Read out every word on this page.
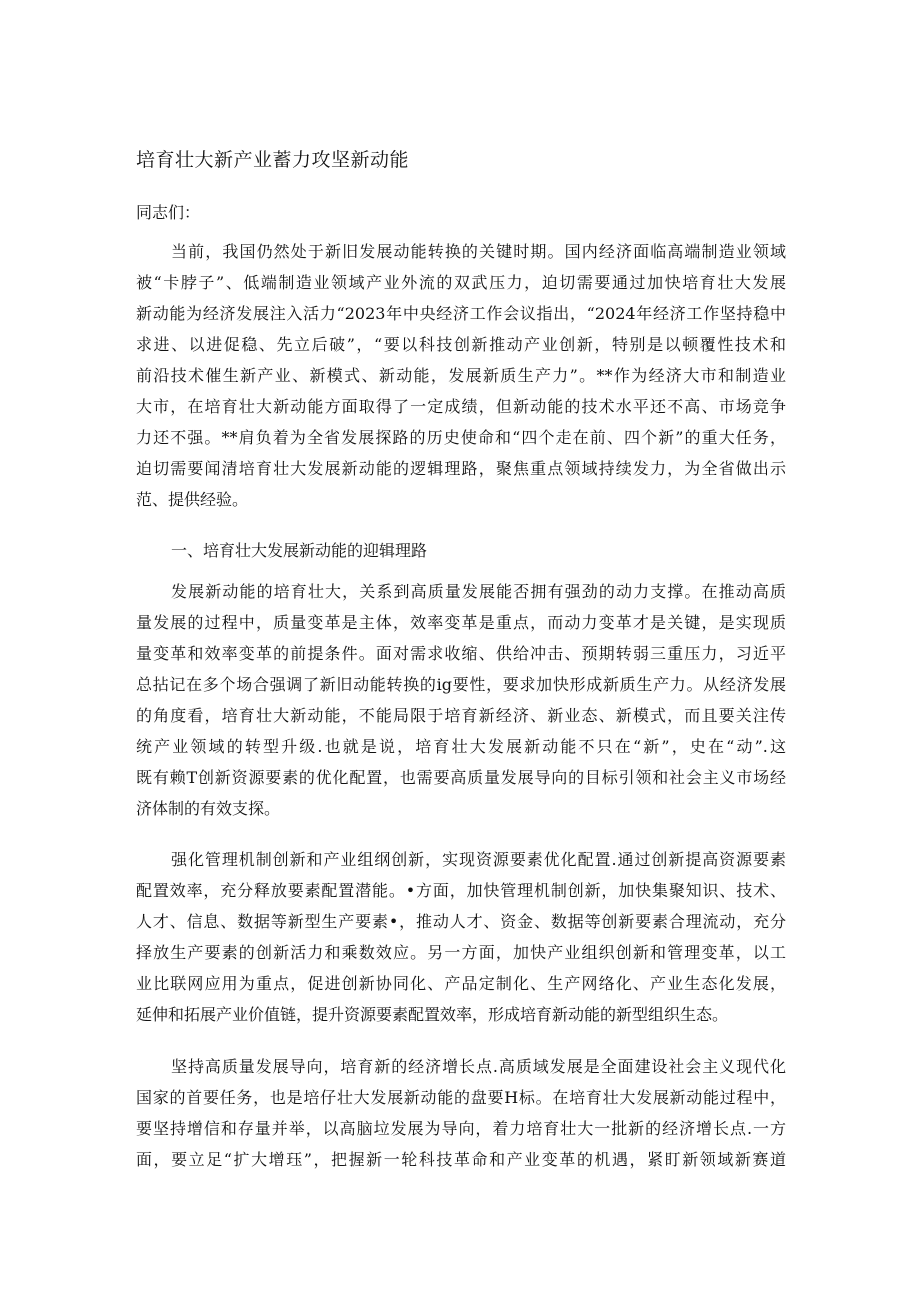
培育壮大新产业蓄力攻坚新动能
同志们：
当前，我国仍然处于新旧发展动能转换的关键时期。国内经济面临高端制造业领域
被“卡脖子”、低端制造业领域产业外流的双武压力，迫切需要通过加快培育壮大发展
新动能为经济发展注入活力“2023年中央经济工作会议指出，“2024年经济工作坚持稳中
求进、以进促稳、先立后破”，“要以科技创新推动产业创新，特别是以顿覆性技术和
前沿技术催生新产业、新模式、新动能，发展新质生产力”。**作为经济大市和制造业
大市，在培育壮大新动能方面取得了一定成绩，但新动能的技术水平还不高、市场竞争
力还不强。**肩负着为全省发展探路的历史使命和“四个走在前、四个新”的重大任务，
迫切需要闻清培育壮大发展新动能的逻辑理路，聚焦重点领域持续发力，为全省做出示
范、提供经验。
一、培育壮大发展新动能的迎辑理路
发展新动能的培育壮大，关系到高质量发展能否拥有强劲的动力支撑。在推动高质
量发展的过程中，质量变革是主体，效率变革是重点，而动力变革才是关键，是实现质
量变革和效率变革的前提条件。面对需求收缩、供给冲击、预期转弱三重压力，习近平
总拈记在多个场合强调了新旧动能转换的ig要性，要求加快形成新质生产力。从经济发展
的角度看，培育壮大新动能，不能局限于培育新经济、新业态、新模式，而且要关注传
统产业领域的转型升级.也就是说，培育壮大发展新动能不只在“新”，史在“动”.这
既有赖T创新资源要素的优化配置，也需要高质量发展导向的目标引领和社会主义市场经
济体制的有效支探。
强化管理机制创新和产业组纲创新，实现资源要素优化配置.通过创新提高资源要素
配置效率，充分释放要素配置潜能。•方面，加快管理机制创新，加快集聚知识、技术、
人才、信息、数据等新型生产要素•，推动人才、资金、数据等创新要素合理流动，充分
择放生产要素的创新活力和乘数效应。另一方面，加快产业组织创新和管理变革，以工
业比联网应用为重点，促进创新协同化、产品定制化、生产网络化、产业生态化发展，
延伸和拓展产业价值链，提升资源要素配置效率，形成培育新动能的新型组织生态。
坚持高质量发展导向，培育新的经济增长点.高质域发展是全面建设社会主义现代化
国家的首要任务，也是培仔壮大发展新动能的盘要H标。在培育壮大发展新动能过程中，
要坚持增信和存量并举，以高脑垃发展为导向，着力培育壮大一批新的经济增长点.一方
面，要立足“扩大增珏”，把握新一轮科技革命和产业变革的机遇，紧盯新领域新赛道
